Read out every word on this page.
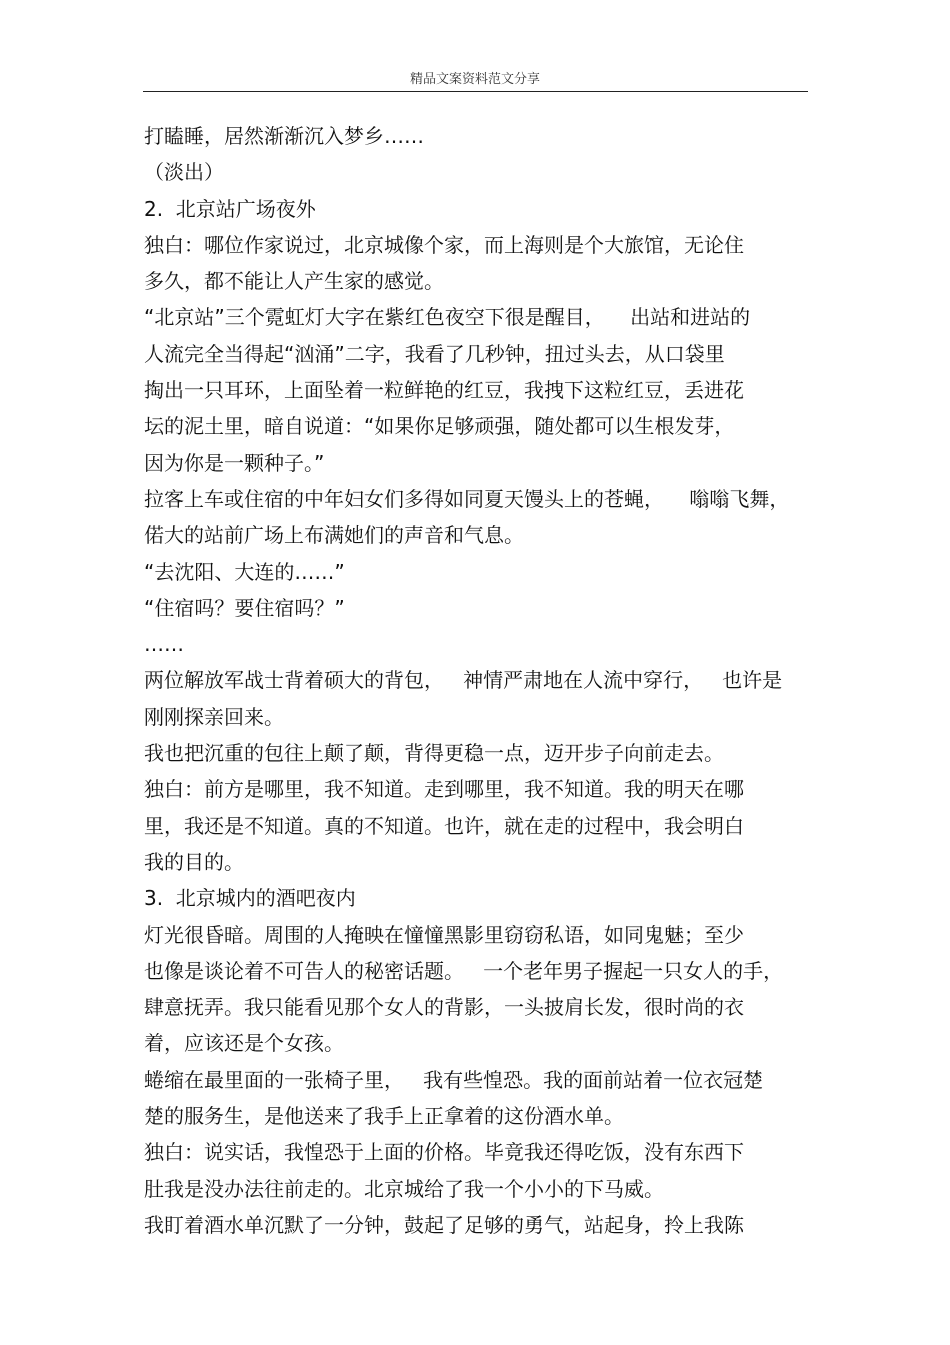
精品文案资料范文分享
打瞌睡，居然渐渐沉入梦乡……
（淡出）
2.  北京站广场夜外
独白：哪位作家说过，北京城像个家，而上海则是个大旅馆，无论住
多久，都不能让人产生家的感觉。
“北京站”三个霓虹灯大字在紫红色夜空下很是醒目，    出站和进站的
人流完全当得起“汹涌”二字，我看了几秒钟，扭过头去，从口袋里
掏出一只耳环，上面坠着一粒鲜艳的红豆，我拽下这粒红豆，丢进花
坛的泥土里，暗自说道：“如果你足够顽强，随处都可以生根发芽，
因为你是一颗种子。”
拉客上车或住宿的中年妇女们多得如同夏天馒头上的苍蝇，    嗡嗡飞舞，
偌大的站前广场上布满她们的声音和气息。
“去沈阳、大连的……”
“住宿吗？要住宿吗？”
……
两位解放军战士背着硕大的背包，   神情严肃地在人流中穿行，   也许是
刚刚探亲回来。
我也把沉重的包往上颠了颠，背得更稳一点，迈开步子向前走去。
独白：前方是哪里，我不知道。走到哪里，我不知道。我的明天在哪
里，我还是不知道。真的不知道。也许，就在走的过程中，我会明白
我的目的。
3.  北京城内的酒吧夜内
灯光很昏暗。周围的人掩映在憧憧黑影里窃窃私语，如同鬼魅；至少
也像是谈论着不可告人的秘密话题。   一个老年男子握起一只女人的手，
肆意抚弄。我只能看见那个女人的背影，一头披肩长发，很时尚的衣
着，应该还是个女孩。
蜷缩在最里面的一张椅子里，   我有些惶恐。我的面前站着一位衣冠楚
楚的服务生，是他送来了我手上正拿着的这份酒水单。
独白：说实话，我惶恐于上面的价格。毕竟我还得吃饭，没有东西下
肚我是没办法往前走的。北京城给了我一个小小的下马威。
我盯着酒水单沉默了一分钟，鼓起了足够的勇气，站起身，拎上我陈
